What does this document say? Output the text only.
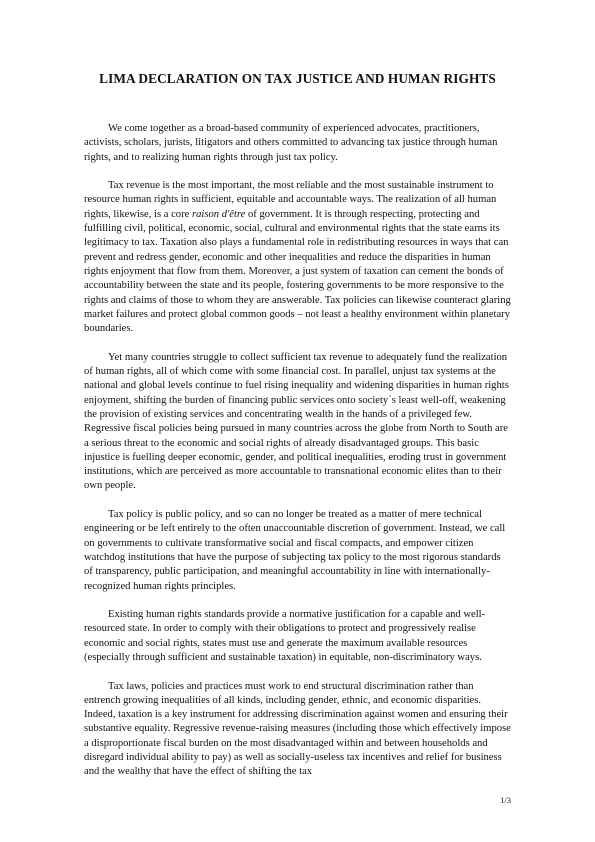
LIMA DECLARATION ON TAX JUSTICE AND HUMAN RIGHTS

We come together as a broad-based community of experienced advocates, practitioners, activists, scholars, jurists, litigators and others committed to advancing tax justice through human rights, and to realizing human rights through just tax policy.

Tax revenue is the most important, the most reliable and the most sustainable instrument to resource human rights in sufficient, equitable and accountable ways. The realization of all human rights, likewise, is a core raison d'être of government. It is through respecting, protecting and fulfilling civil, political, economic, social, cultural and environmental rights that the state earns its legitimacy to tax. Taxation also plays a fundamental role in redistributing resources in ways that can prevent and redress gender, economic and other inequalities and reduce the disparities in human rights enjoyment that flow from them. Moreover, a just system of taxation can cement the bonds of accountability between the state and its people, fostering governments to be more responsive to the rights and claims of those to whom they are answerable. Tax policies can likewise counteract glaring market failures and protect global common goods – not least a healthy environment within planetary boundaries.

Yet many countries struggle to collect sufficient tax revenue to adequately fund the realization of human rights, all of which come with some financial cost. In parallel, unjust tax systems at the national and global levels continue to fuel rising inequality and widening disparities in human rights enjoyment, shifting the burden of financing public services onto society´s least well-off, weakening the provision of existing services and concentrating wealth in the hands of a privileged few. Regressive fiscal policies being pursued in many countries across the globe from North to South are a serious threat to the economic and social rights of already disadvantaged groups. This basic injustice is fuelling deeper economic, gender, and political inequalities, eroding trust in government institutions, which are perceived as more accountable to transnational economic elites than to their own people.

Tax policy is public policy, and so can no longer be treated as a matter of mere technical engineering or be left entirely to the often unaccountable discretion of government. Instead, we call on governments to cultivate transformative social and fiscal compacts, and empower citizen watchdog institutions that have the purpose of subjecting tax policy to the most rigorous standards of transparency, public participation, and meaningful accountability in line with internationally-recognized human rights principles.

Existing human rights standards provide a normative justification for a capable and well-resourced state. In order to comply with their obligations to protect and progressively realise economic and social rights, states must use and generate the maximum available resources (especially through sufficient and sustainable taxation) in equitable, non-discriminatory ways.

Tax laws, policies and practices must work to end structural discrimination rather than entrench growing inequalities of all kinds, including gender, ethnic, and economic disparities. Indeed, taxation is a key instrument for addressing discrimination against women and ensuring their substantive equality. Regressive revenue-raising measures (including those which effectively impose a disproportionate fiscal burden on the most disadvantaged within and between households and disregard individual ability to pay) as well as socially-useless tax incentives and relief for business and the wealthy that have the effect of shifting the tax

1/3
